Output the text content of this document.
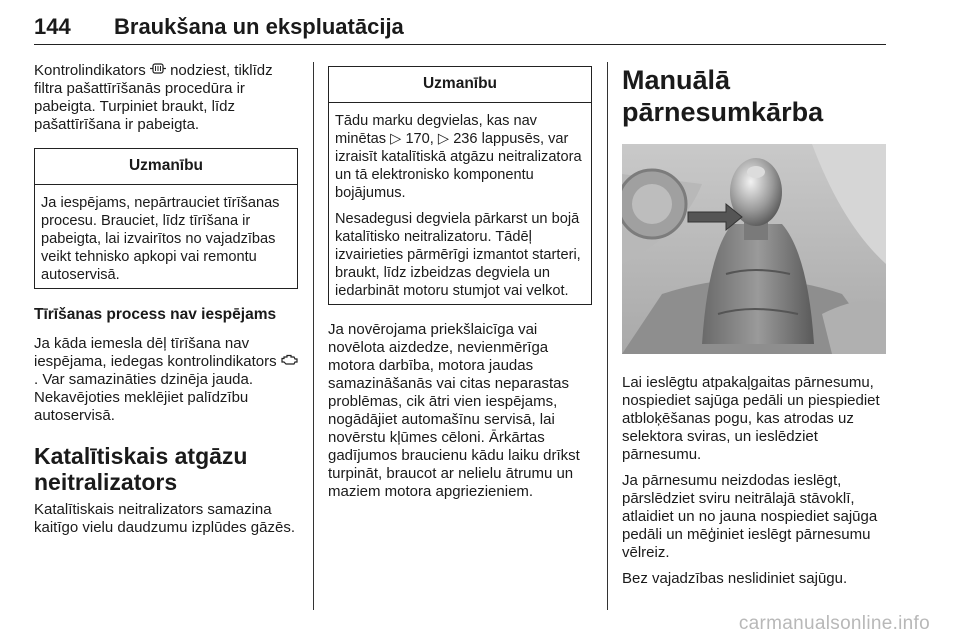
144 Braukšana un ekspluatācija

Kontrolindikators  nodziest, tiklīdz filtra pašattīrīšanās procedūra ir pabeigta. Turpiniet braukt, līdz pašattīrīšana ir pabeigta.

Uzmanību

Ja iespējams, nepārtrauciet tīrīšanas procesu. Brauciet, līdz tīrīšana ir pabeigta, lai izvairītos no vajadzības veikt tehnisko apkopi vai remontu autoservisā.

Tīrīšanas process nav iespējams

Ja kāda iemesla dēļ tīrīšana nav iespējama, iedegas kontrolindikators . Var samazināties dzinēja jauda. Nekavējoties meklējiet palīdzību autoservisā.

Katalītiskais atgāzu neitralizators

Katalītiskais neitralizators samazina kaitīgo vielu daudzumu izplūdes gāzēs.

Uzmanību

Tādu marku degvielas, kas nav minētas ▷ 170, ▷ 236 lappusēs, var izraisīt katalītiskā atgāzu neitralizatora un tā elektronisko komponentu bojājumus.

Nesadegusi degviela pārkarst un bojā katalītisko neitralizatoru. Tādēļ izvairieties pārmērīgi izmantot starteri, braukt, līdz izbeidzas degviela un iedarbināt motoru stumjot vai velkot.

Ja novērojama priekšlaicīga vai novēlota aizdedze, nevienmērīga motora darbība, motora jaudas samazināšanās vai citas neparastas problēmas, cik ātri vien iespējams, nogādājiet automašīnu servisā, lai novērstu kļūmes cēloni. Ārkārtas gadījumos braucienu kādu laiku drīkst turpināt, braucot ar nelielu ātrumu un maziem motora apgriezieniem.

Manuālā pārnesumkārba

Lai ieslēgtu atpakaļgaitas pārnesumu, nospiediet sajūga pedāli un piespiediet atbloķēšanas pogu, kas atrodas uz selektora sviras, un ieslēdziet pārnesumu.

Ja pārnesumu neizdodas ieslēgt, pārslēdziet sviru neitrālajā stāvoklī, atlaidiet un no jauna nospiediet sajūga pedāli un mēģiniet ieslēgt pārnesumu vēlreiz.

Bez vajadzības neslidiniet sajūgu.

carmanualsonline.info
